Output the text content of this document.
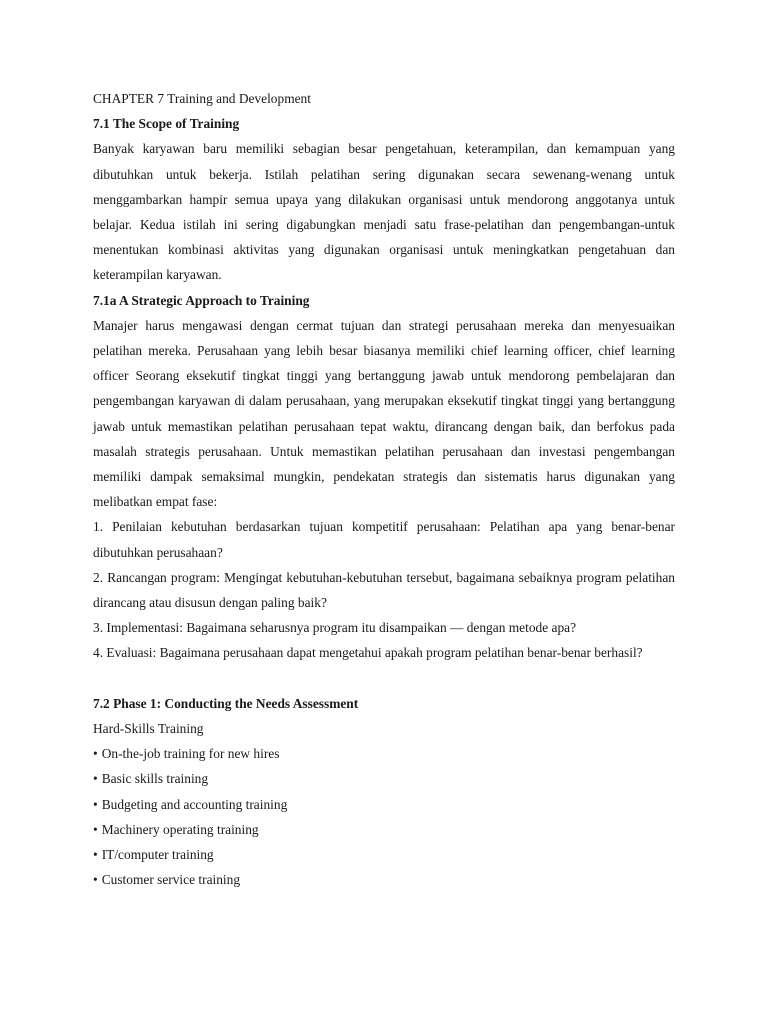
CHAPTER 7 Training and Development

7.1 The Scope of Training

Banyak karyawan baru memiliki sebagian besar pengetahuan, keterampilan, dan kemampuan yang dibutuhkan untuk bekerja. Istilah pelatihan sering digunakan secara sewenang-wenang untuk menggambarkan hampir semua upaya yang dilakukan organisasi untuk mendorong anggotanya untuk belajar. Kedua istilah ini sering digabungkan menjadi satu frase-pelatihan dan pengembangan-untuk menentukan kombinasi aktivitas yang digunakan organisasi untuk meningkatkan pengetahuan dan keterampilan karyawan.

7.1a A Strategic Approach to Training

Manajer harus mengawasi dengan cermat tujuan dan strategi perusahaan mereka dan menyesuaikan pelatihan mereka. Perusahaan yang lebih besar biasanya memiliki chief learning officer, chief learning officer Seorang eksekutif tingkat tinggi yang bertanggung jawab untuk mendorong pembelajaran dan pengembangan karyawan di dalam perusahaan, yang merupakan eksekutif tingkat tinggi yang bertanggung jawab untuk memastikan pelatihan perusahaan tepat waktu, dirancang dengan baik, dan berfokus pada masalah strategis perusahaan. Untuk memastikan pelatihan perusahaan dan investasi pengembangan memiliki dampak semaksimal mungkin, pendekatan strategis dan sistematis harus digunakan yang melibatkan empat fase:

1. Penilaian kebutuhan berdasarkan tujuan kompetitif perusahaan: Pelatihan apa yang benar-benar dibutuhkan perusahaan?

2. Rancangan program: Mengingat kebutuhan-kebutuhan tersebut, bagaimana sebaiknya program pelatihan dirancang atau disusun dengan paling baik?

3. Implementasi: Bagaimana seharusnya program itu disampaikan — dengan metode apa?

4. Evaluasi: Bagaimana perusahaan dapat mengetahui apakah program pelatihan benar-benar berhasil?

7.2 Phase 1: Conducting the Needs Assessment

Hard-Skills Training

• On-the-job training for new hires
• Basic skills training
• Budgeting and accounting training
• Machinery operating training
• IT/computer training
• Customer service training
